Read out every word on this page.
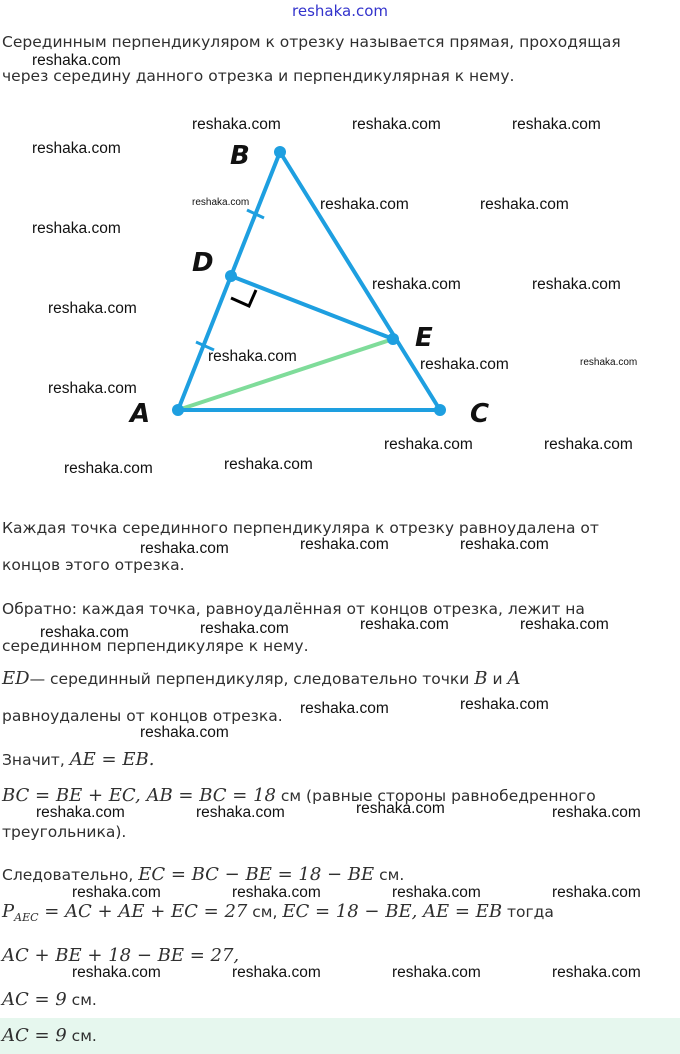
reshaka.com
Серединным перпендикуляром к отрезку называется прямая, проходящая
через середину данного отрезка и перпендикулярная к нему.
B
D
E
A	C
Каждая точка серединного перпендикуляра к отрезку равноудалена от
концов этого отрезка.
Обратно: каждая точка, равноудалённая от концов отрезка, лежит на
серединном перпендикуляре к нему.
ED— серединный перпендикуляр, следовательно точки B и A
равноудалены от концов отрезка.
Значит, AE = EB.
BC = BE + EC, AB = BC = 18 см (равные стороны равнобедренного
треугольника).
Следовательно, EC = BC − BE = 18 − BE см.
$P_{AEC}$ = AC + AE + EC = 27 см, EC = 18 − BE, AE = EB тогда
AC + BE + 18 − BE = 27,
AC = 9 см.
AC = 9 см.
reshaka.com
reshaka.com	reshaka.com	reshaka.com
reshaka.com
reshaka.com	reshaka.com	reshaka.com
reshaka.com
reshaka.com	reshaka.com
reshaka.com
reshaka.com	reshaka.com	reshaka.com
reshaka.com
reshaka.com	reshaka.com
reshaka.com	reshaka.com
reshaka.com	reshaka.com	reshaka.com
reshaka.com	reshaka.com	reshaka.com	reshaka.com
reshaka.com	reshaka.com
reshaka.com
reshaka.com	reshaka.com	reshaka.com	reshaka.com
reshaka.com	reshaka.com	reshaka.com	reshaka.com
reshaka.com	reshaka.com	reshaka.com	reshaka.com
